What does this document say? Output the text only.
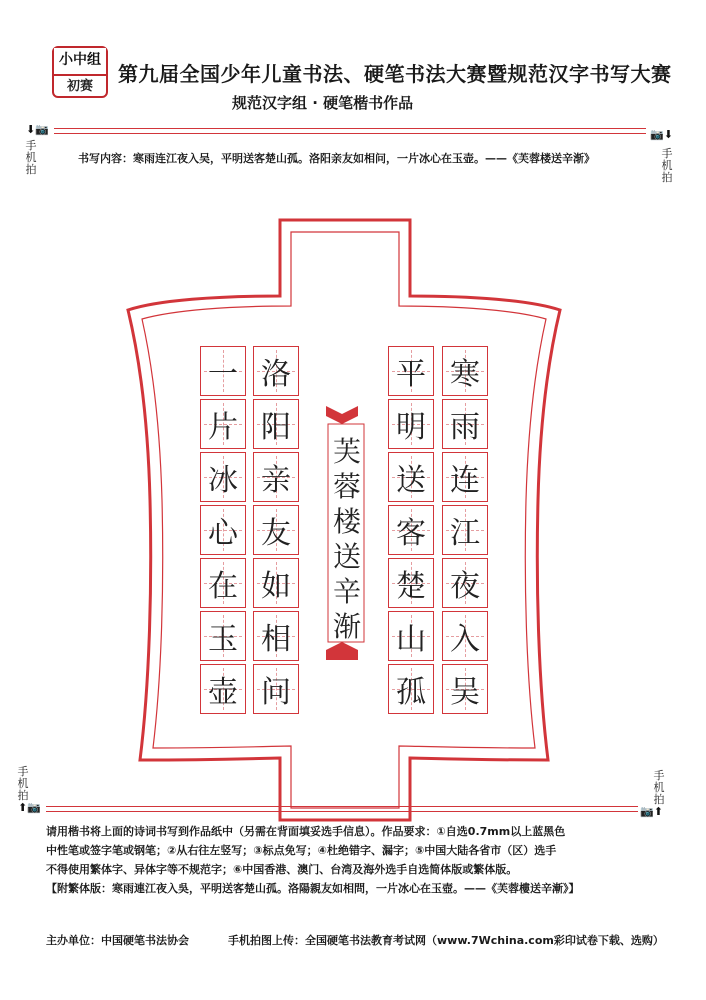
小中组
初赛
第九届全国少年儿童书法、硬笔书法大赛暨规范汉字书写大赛
规范汉字组 · 硬笔楷书作品
⬇📷	📷⬇
手
机
拍
手
机
拍
书写内容：寒雨连江夜入吴，平明送客楚山孤。洛阳亲友如相问，一片冰心在玉壶。——《芙蓉楼送辛渐》
寒
雨
连
江
夜
入
吴
平
明
送
客
楚
山
孤
芙
蓉
楼
送
辛
渐
洛
阳
亲
友
如
相
问
一
片
冰
心
在
玉
壶
手
机
拍
手
机
拍
⬆📷	📷⬆
请用楷书将上面的诗词书写到作品纸中（另需在背面填妥选手信息）。作品要求：①自选0.7mm以上蓝黑色
中性笔或签字笔或钢笔；②从右往左竖写；③标点免写；④杜绝错字、漏字；⑤中国大陆各省市（区）选手
不得使用繁体字、异体字等不规范字；⑥中国香港、澳门、台湾及海外选手自选简体版或繁体版。
【附繁体版：寒雨連江夜入吳，平明送客楚山孤。洛陽親友如相問，一片冰心在玉壺。——《芙蓉樓送辛漸》】
主办单位：中国硬笔书法协会	手机拍图上传：全国硬笔书法教育考试网（www.7Wchina.com彩印试卷下载、选购）
